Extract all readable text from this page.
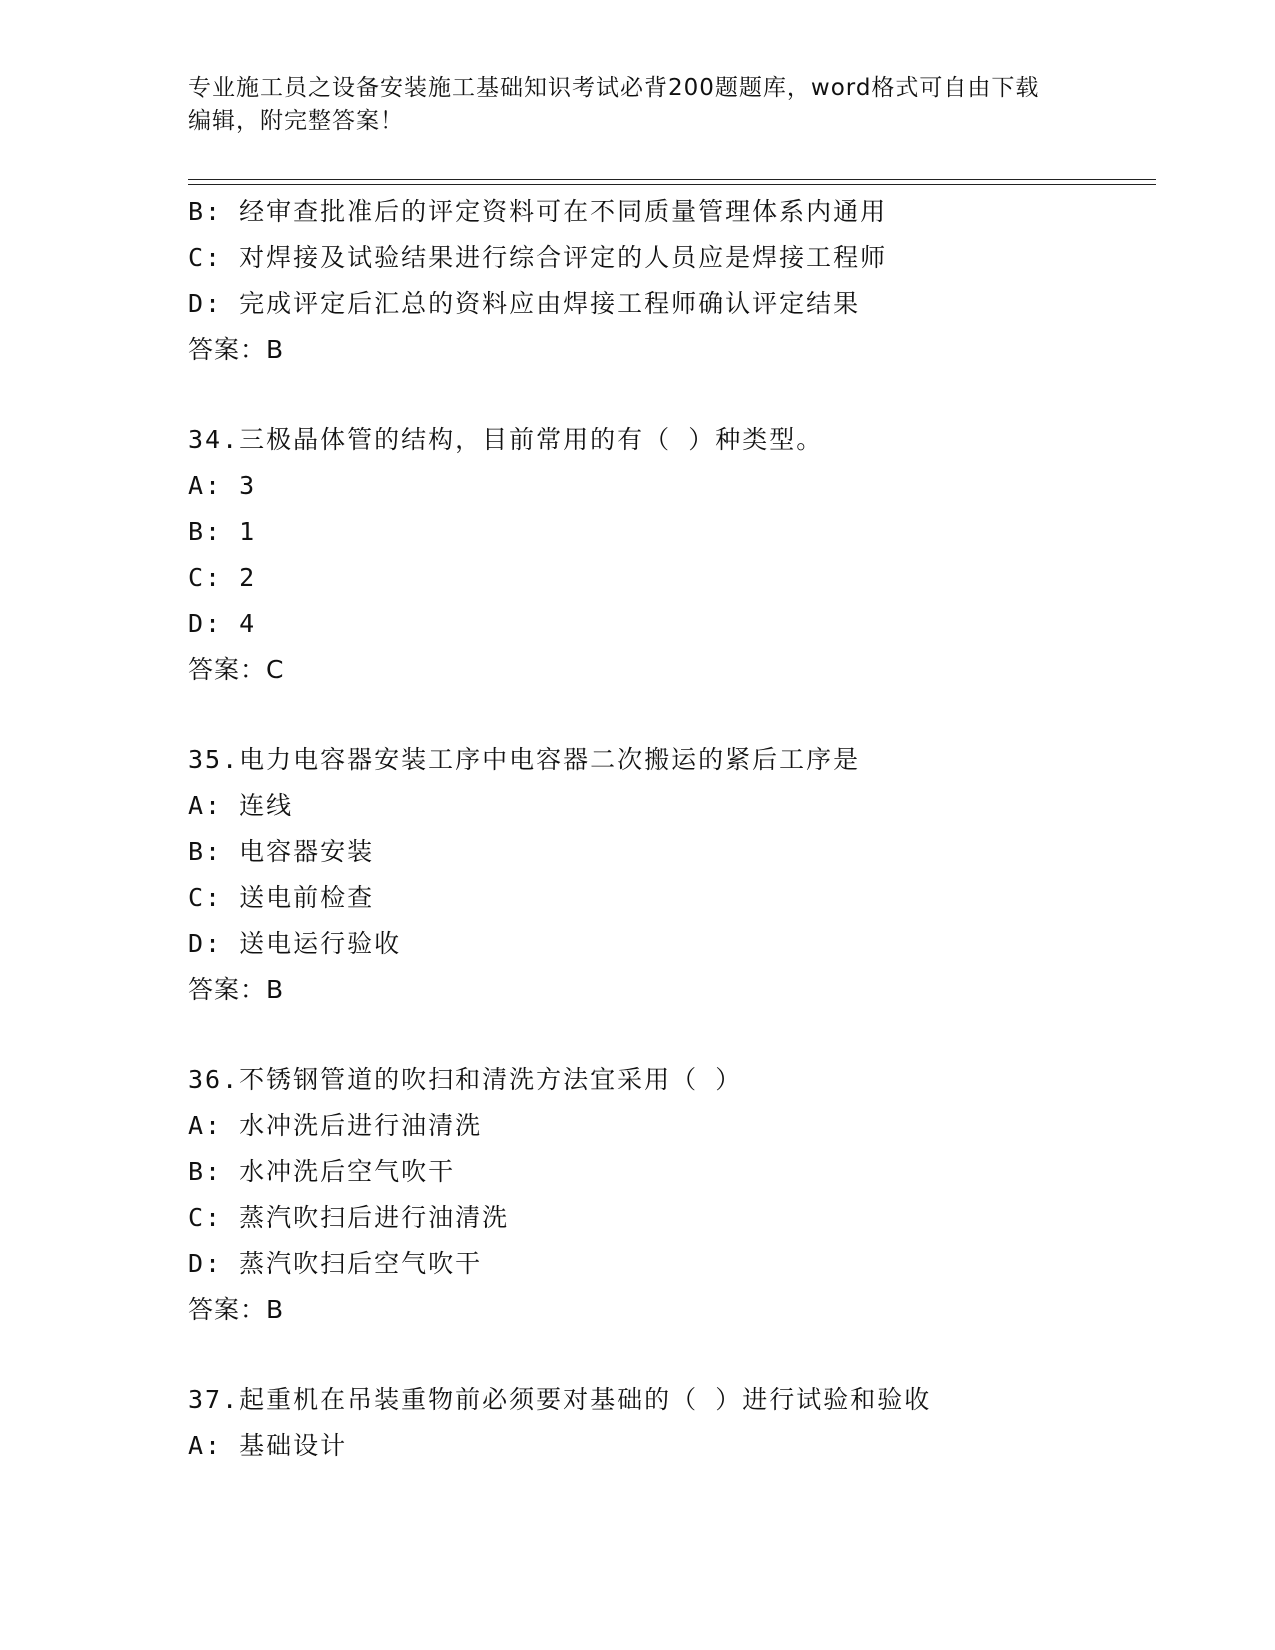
专业施工员之设备安装施工基础知识考试必背200题题库，word格式可自由下载
编辑，附完整答案！
B: 经审查批准后的评定资料可在不同质量管理体系内通用
C: 对焊接及试验结果进行综合评定的人员应是焊接工程师
D: 完成评定后汇总的资料应由焊接工程师确认评定结果
答案：B
34.三极晶体管的结构，目前常用的有（ ）种类型。
A: 3
B: 1
C: 2
D: 4
答案：C
35.电力电容器安装工序中电容器二次搬运的紧后工序是
A: 连线
B: 电容器安装
C: 送电前检查
D: 送电运行验收
答案：B
36.不锈钢管道的吹扫和清洗方法宜采用（ ）
A: 水冲洗后进行油清洗
B: 水冲洗后空气吹干
C: 蒸汽吹扫后进行油清洗
D: 蒸汽吹扫后空气吹干
答案：B
37.起重机在吊装重物前必须要对基础的（ ）进行试验和验收
A: 基础设计
